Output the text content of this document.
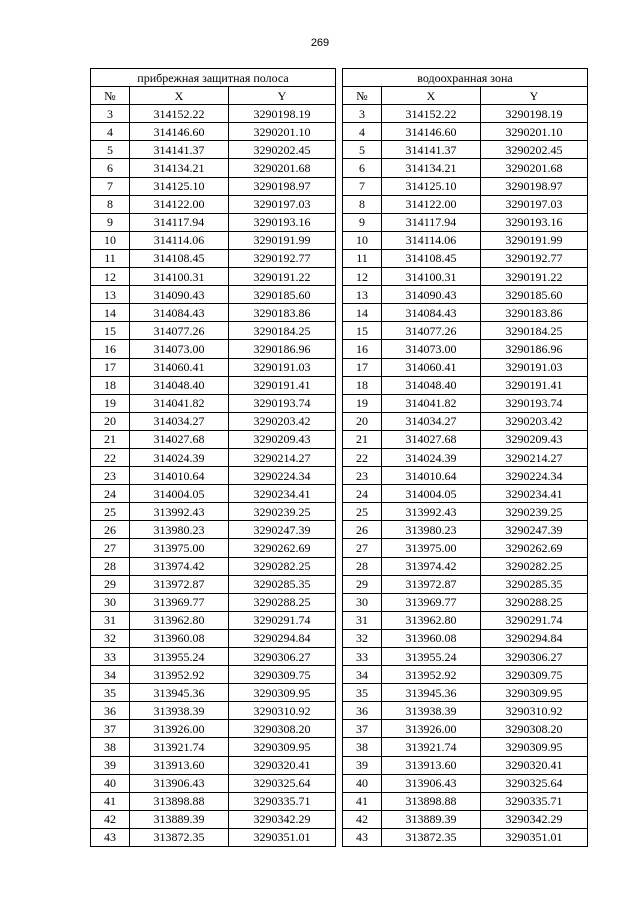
269
прибрежная защитная полоса		
№	X	Y
3	314152.22	3290198.19
4	314146.60	3290201.10
5	314141.37	3290202.45
6	314134.21	3290201.68
7	314125.10	3290198.97
8	314122.00	3290197.03
9	314117.94	3290193.16
10	314114.06	3290191.99
11	314108.45	3290192.77
12	314100.31	3290191.22
13	314090.43	3290185.60
14	314084.43	3290183.86
15	314077.26	3290184.25
16	314073.00	3290186.96
17	314060.41	3290191.03
18	314048.40	3290191.41
19	314041.82	3290193.74
20	314034.27	3290203.42
21	314027.68	3290209.43
22	314024.39	3290214.27
23	314010.64	3290224.34
24	314004.05	3290234.41
25	313992.43	3290239.25
26	313980.23	3290247.39
27	313975.00	3290262.69
28	313974.42	3290282.25
29	313972.87	3290285.35
30	313969.77	3290288.25
31	313962.80	3290291.74
32	313960.08	3290294.84
33	313955.24	3290306.27
34	313952.92	3290309.75
35	313945.36	3290309.95
36	313938.39	3290310.92
37	313926.00	3290308.20
38	313921.74	3290309.95
39	313913.60	3290320.41
40	313906.43	3290325.64
41	313898.88	3290335.71
42	313889.39	3290342.29
43	313872.35	3290351.01
водоохранная зона		
№	X	Y
3	314152.22	3290198.19
4	314146.60	3290201.10
5	314141.37	3290202.45
6	314134.21	3290201.68
7	314125.10	3290198.97
8	314122.00	3290197.03
9	314117.94	3290193.16
10	314114.06	3290191.99
11	314108.45	3290192.77
12	314100.31	3290191.22
13	314090.43	3290185.60
14	314084.43	3290183.86
15	314077.26	3290184.25
16	314073.00	3290186.96
17	314060.41	3290191.03
18	314048.40	3290191.41
19	314041.82	3290193.74
20	314034.27	3290203.42
21	314027.68	3290209.43
22	314024.39	3290214.27
23	314010.64	3290224.34
24	314004.05	3290234.41
25	313992.43	3290239.25
26	313980.23	3290247.39
27	313975.00	3290262.69
28	313974.42	3290282.25
29	313972.87	3290285.35
30	313969.77	3290288.25
31	313962.80	3290291.74
32	313960.08	3290294.84
33	313955.24	3290306.27
34	313952.92	3290309.75
35	313945.36	3290309.95
36	313938.39	3290310.92
37	313926.00	3290308.20
38	313921.74	3290309.95
39	313913.60	3290320.41
40	313906.43	3290325.64
41	313898.88	3290335.71
42	313889.39	3290342.29
43	313872.35	3290351.01
